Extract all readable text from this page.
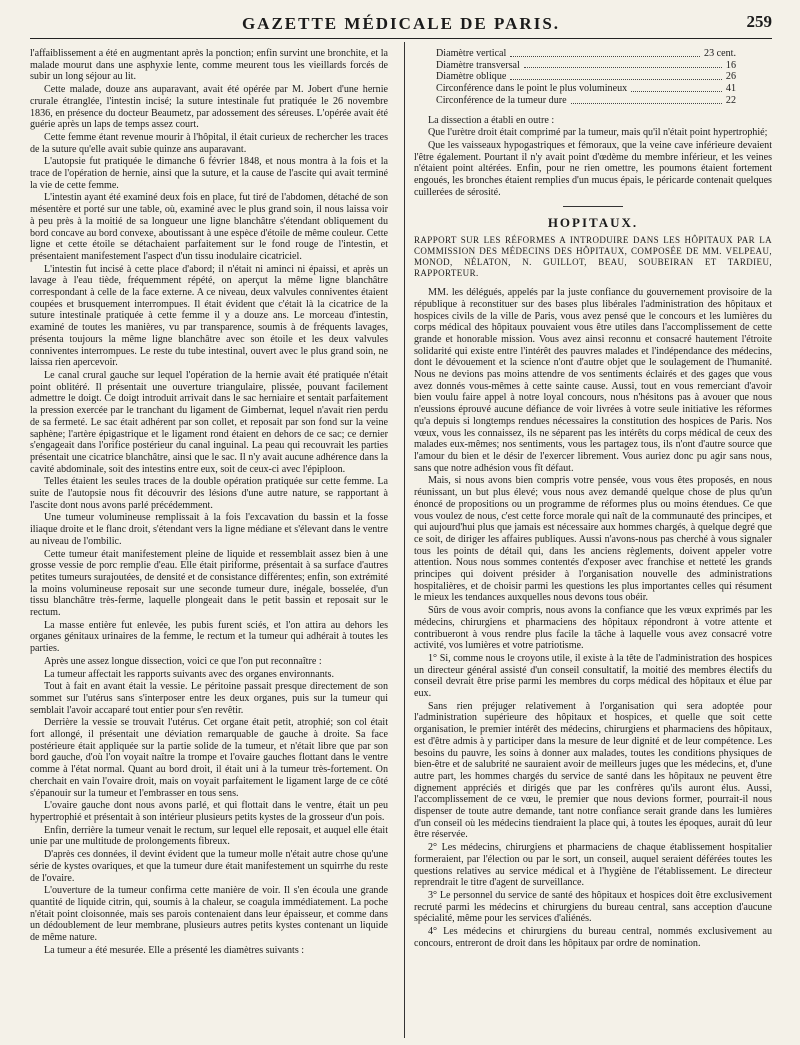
GAZETTE MÉDICALE DE PARIS.	259

l'affaiblissement a été en augmentant après la ponction; enfin survint une bronchite, et la malade mourut dans une asphyxie lente, comme meurent tous les vieillards forcés de subir un long séjour au lit.

Cette malade, douze ans auparavant, avait été opérée par M. Jobert d'une hernie crurale étranglée, l'intestin incisé; la suture intestinale fut pratiquée le 26 novembre 1836, en présence du docteur Beaumetz, par adossement des séreuses. L'opérée avait été guérie après un laps de temps assez court.

Cette femme étant revenue mourir à l'hôpital, il était curieux de rechercher les traces de la suture qu'elle avait subie quinze ans auparavant.

L'autopsie fut pratiquée le dimanche 6 février 1848, et nous montra à la fois et la trace de l'opération de hernie, ainsi que la suture, et la cause de l'ascite qui avait terminé la vie de cette femme.

L'intestin ayant été examiné deux fois en place, fut tiré de l'abdomen, détaché de son mésentère et porté sur une table, où, examiné avec le plus grand soin, il nous laissa voir à peu près à la moitié de sa longueur une ligne blanchâtre s'étendant obliquement du bord concave au bord convexe, aboutissant à une espèce d'étoile de même couleur. Cette ligne et cette étoile se détachaient parfaitement sur le fond rouge de l'intestin, et présentaient manifestement l'aspect d'un tissu inodulaire cicatriciel.

L'intestin fut incisé à cette place d'abord; il n'était ni aminci ni épaissi, et après un lavage à l'eau tiède, fréquemment répété, on aperçut la même ligne blanchâtre correspondant à celle de la face externe. A ce niveau, deux valvules conniventes étaient coupées et brusquement interrompues. Il était évident que c'était là la cicatrice de la suture intestinale pratiquée à cette femme il y a douze ans. Le morceau d'intestin, examiné de toutes les manières, vu par transparence, soumis à de fréquents lavages, présenta toujours la même ligne blanchâtre avec son étoile et les deux valvules conniventes interrompues. Le reste du tube intestinal, ouvert avec le plus grand soin, ne laissa rien apercevoir.

Le canal crural gauche sur lequel l'opération de la hernie avait été pratiquée n'était point oblitéré. Il présentait une ouverture triangulaire, plissée, pouvant facilement admettre le doigt. Ce doigt introduit arrivait dans le sac herniaire et sentait parfaitement la pression exercée par le tranchant du ligament de Gimbernat, lequel n'avait rien perdu de sa fermeté. Le sac était adhérent par son collet, et reposait par son fond sur la veine saphène; l'artère épigastrique et le ligament rond étaient en dehors de ce sac; ce dernier s'engageait dans l'orifice postérieur du canal inguinal. La peau qui recouvrait les parties présentait une cicatrice blanchâtre, ainsi que le sac. Il n'y avait aucune adhérence dans la cavité abdominale, soit des intestins entre eux, soit de ceux-ci avec l'épiploon.

Telles étaient les seules traces de la double opération pratiquée sur cette femme. La suite de l'autopsie nous fit découvrir des lésions d'une autre nature, se rapportant à l'ascite dont nous avons parlé précédemment.

Une tumeur volumineuse remplissait à la fois l'excavation du bassin et la fosse iliaque droite et le flanc droit, s'étendant vers la ligne médiane et s'élevant dans le ventre au niveau de l'ombilic.

Cette tumeur était manifestement pleine de liquide et ressemblait assez bien à une grosse vessie de porc remplie d'eau. Elle était piriforme, présentait à sa surface d'autres petites tumeurs surajoutées, de densité et de consistance différentes; enfin, son extrémité la moins volumineuse reposait sur une seconde tumeur dure, inégale, bosselée, d'un tissu blanchâtre très-ferme, laquelle plongeait dans le petit bassin et reposait sur le rectum.

La masse entière fut enlevée, les pubis furent sciés, et l'on attira au dehors les organes génitaux urinaires de la femme, le rectum et la tumeur qui adhérait à toutes les parties.

Après une assez longue dissection, voici ce que l'on put reconnaître :

La tumeur affectait les rapports suivants avec des organes environnants.

Tout à fait en avant était la vessie. Le péritoine passait presque directement de son sommet sur l'utérus sans s'interposer entre les deux organes, puis sur la tumeur qui semblait l'avoir accaparé tout entier pour s'en revêtir.

Derrière la vessie se trouvait l'utérus. Cet organe était petit, atrophié; son col était fort allongé, il présentait une déviation remarquable de gauche à droite. Sa face postérieure était appliquée sur la partie solide de la tumeur, et n'était libre que par son bord gauche, d'où l'on voyait naître la trompe et l'ovaire gauches flottant dans le ventre comme à l'état normal. Quant au bord droit, il était uni à la tumeur très-fortement. On cherchait en vain l'ovaire droit, mais on voyait parfaitement le ligament large de ce côté s'épanouir sur la tumeur et l'embrasser en tous sens.

L'ovaire gauche dont nous avons parlé, et qui flottait dans le ventre, était un peu hypertrophié et présentait à son intérieur plusieurs petits kystes de la grosseur d'un pois.

Enfin, derrière la tumeur venait le rectum, sur lequel elle reposait, et auquel elle était unie par une multitude de prolongements fibreux.

D'après ces données, il devint évident que la tumeur molle n'était autre chose qu'une série de kystes ovariques, et que la tumeur dure était manifestement un squirrhe du reste de l'ovaire.

L'ouverture de la tumeur confirma cette manière de voir. Il s'en écoula une grande quantité de liquide citrin, qui, soumis à la chaleur, se coagula immédiatement. La poche n'était point cloisonnée, mais ses parois contenaient dans leur épaisseur, et comme dans un dédoublement de leur membrane, plusieurs autres petits kystes contenant un liquide de même nature.

La tumeur a été mesurée. Elle a présenté les diamètres suivants :

Diamètre vertical	23 cent.
Diamètre transversal	16
Diamètre oblique	26
Circonférence dans le point le plus volumineux	41
Circonférence de la tumeur dure	22

La dissection a établi en outre :

Que l'urètre droit était comprimé par la tumeur, mais qu'il n'était point hypertrophié;

Que les vaisseaux hypogastriques et fémoraux, que la veine cave inférieure devaient l'être également. Pourtant il n'y avait point d'œdème du membre inférieur, et les veines n'étaient point altérées. Enfin, pour ne rien omettre, les poumons étaient fortement engoués, les bronches étaient remplies d'un mucus épais, le péricarde contenait quelques cuillerées de sérosité.

HOPITAUX.
RAPPORT SUR LES RÉFORMES A INTRODUIRE DANS LES HÔPITAUX PAR LA COMMISSION DES MÉDECINS DES HÔPITAUX, COMPOSÉE DE MM. VELPEAU, MONOD, NÉLATON, N. GUILLOT, BEAU, SOUBEIRAN ET TARDIEU, RAPPORTEUR.

MM. les délégués, appelés par la juste confiance du gouvernement provisoire de la république à reconstituer sur des bases plus libérales l'administration des hôpitaux et hospices civils de la ville de Paris, vous avez pensé que le concours et les lumières du corps médical des hôpitaux pouvaient vous être utiles dans l'accomplissement de cette grande et honorable mission. Vous avez ainsi reconnu et consacré hautement l'étroite solidarité qui existe entre l'intérêt des pauvres malades et l'indépendance des médecins, dont le dévouement et la science n'ont d'autre objet que le soulagement de l'humanité. Nous ne devions pas moins attendre de vos sentiments éclairés et des gages que vous avez donnés vous-mêmes à cette sainte cause. Aussi, tout en vous remerciant d'avoir bien voulu faire appel à notre loyal concours, nous n'hésitons pas à avouer que nous n'eussions éprouvé aucune défiance de voir livrées à votre seule initiative les réformes qu'a depuis si longtemps rendues nécessaires la constitution des hospices de Paris. Nos vœux, vous les connaissez, ils ne séparent pas les intérêts du corps médical de ceux des malades eux-mêmes; nos sentiments, vous les partagez tous, ils n'ont d'autre source que l'amour du bien et le désir de l'exercer librement. Vous auriez donc pu agir sans nous, sans que notre adhésion vous fît défaut.

Mais, si nous avons bien compris votre pensée, vous vous êtes proposés, en nous réunissant, un but plus élevé; vous nous avez demandé quelque chose de plus qu'un énoncé de propositions ou un programme de réformes plus ou moins étendues. Ce que vous voulez de nous, c'est cette force morale qui naît de la communauté des principes, et qui aujourd'hui plus que jamais est nécessaire aux hommes chargés, à quelque degré que ce soit, de diriger les affaires publiques. Aussi n'avons-nous pas cherché à vous signaler tous les points de détail qui, dans les anciens règlements, doivent appeler votre attention. Nous nous sommes contentés d'exposer avec franchise et netteté les grands principes qui doivent présider à l'organisation nouvelle des administrations hospitalières, et de choisir parmi les questions les plus importantes celles qui résument le mieux les tendances auxquelles nous devons tous obéir.

Sûrs de vous avoir compris, nous avons la confiance que les vœux exprimés par les médecins, chirurgiens et pharmaciens des hôpitaux répondront à votre attente et contribueront à vous rendre plus facile la tâche à laquelle vous avez consacré votre activité, vos lumières et votre patriotisme.

1° Si, comme nous le croyons utile, il existe à la tête de l'administration des hospices un directeur général assisté d'un conseil consultatif, la moitié des membres électifs du conseil devrait être prise parmi les membres du corps médical des hôpitaux et élue par eux.

Sans rien préjuger relativement à l'organisation qui sera adoptée pour l'administration supérieure des hôpitaux et hospices, et quelle que soit cette organisation, le premier intérêt des médecins, chirurgiens et pharmaciens des hôpitaux, est d'être admis à y participer dans la mesure de leur dignité et de leur compétence. Les besoins du pauvre, les soins à donner aux malades, toutes les conditions physiques de bien-être et de salubrité ne sauraient avoir de meilleurs juges que les médecins, et, d'une autre part, les hommes chargés du service de santé dans les hôpitaux ne peuvent être dignement appréciés et dirigés que par les confrères qu'ils auront élus. Aussi, l'accomplissement de ce vœu, le premier que nous devions former, pourrait-il nous dispenser de toute autre demande, tant notre confiance serait grande dans les lumières d'un conseil où les médecins tiendraient la place qui, à toutes les époques, aurait dû leur être réservée.

2° Les médecins, chirurgiens et pharmaciens de chaque établissement hospitalier formeraient, par l'élection ou par le sort, un conseil, auquel seraient déférées toutes les questions relatives au service médical et à l'hygiène de l'établissement. Le directeur reprendrait le titre d'agent de surveillance.

3° Le personnel du service de santé des hôpitaux et hospices doit être exclusivement recruté parmi les médecins et chirurgiens du bureau central, sans acception d'aucune spécialité, même pour les services d'aliénés.

4° Les médecins et chirurgiens du bureau central, nommés exclusivement au concours, entreront de droit dans les hôpitaux par ordre de nomination.
